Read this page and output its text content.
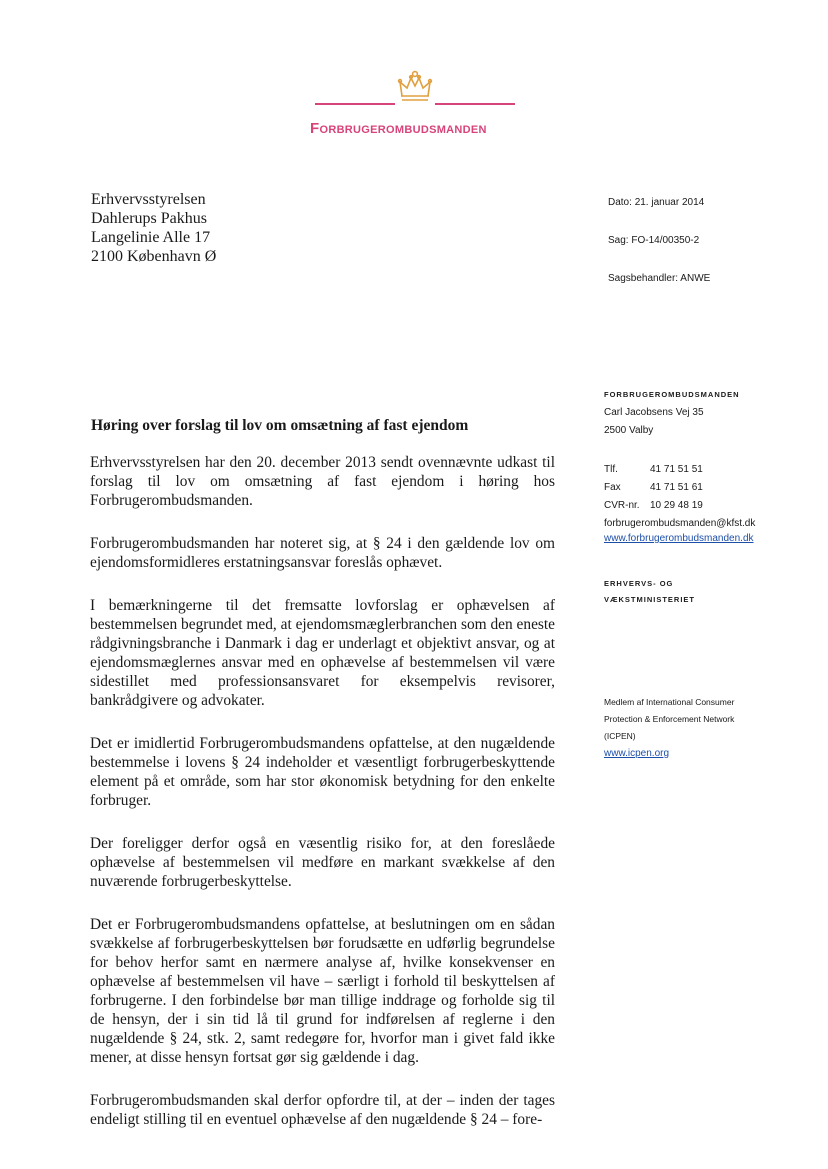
Forbrugerombudsmanden
Erhvervsstyrelsen
Dahlerups Pakhus
Langelinie Alle 17
2100 København Ø
Dato: 21. januar 2014
Sag: FO-14/00350-2
Sagsbehandler: ANWE
FORBRUGEROMBUDSMANDEN
Carl Jacobsens Vej 35
2500 Valby
Tlf.	41 71 51 51
Fax	41 71 51 61
CVR-nr. 10 29 48 19
forbrugerombudsmanden@kfst.dk
www.forbrugerombudsmanden.dk
ERHVERVS- OG
VÆKSTMINISTERIET
Medlem af International Consumer
Protection & Enforcement Network
(ICPEN)
www.icpen.org
Høring over forslag til lov om omsætning af fast ejendom

Erhvervsstyrelsen har den 20. december 2013 sendt ovennævnte udkast til forslag til lov om omsætning af fast ejendom i høring hos Forbrugerombudsmanden.

Forbrugerombudsmanden har noteret sig, at § 24 i den gældende lov om ejendomsformidleres erstatningsansvar foreslås ophævet.

I bemærkningerne til det fremsatte lovforslag er ophævelsen af bestemmelsen begrundet med, at ejendomsmæglerbranchen som den eneste rådgivningsbranche i Danmark i dag er underlagt et objektivt ansvar, og at ejendomsmæglernes ansvar med en ophævelse af bestemmelsen vil være sidestillet med professionsansvaret for eksempelvis revisorer, bankrådgivere og advokater.

Det er imidlertid Forbrugerombudsmandens opfattelse, at den nugældende bestemmelse i lovens § 24 indeholder et væsentligt forbrugerbeskyttende element på et område, som har stor økonomisk betydning for den enkelte forbruger.

Der foreligger derfor også en væsentlig risiko for, at den foreslåede ophævelse af bestemmelsen vil medføre en markant svækkelse af den nuværende forbrugerbeskyttelse.

Det er Forbrugerombudsmandens opfattelse, at beslutningen om en sådan svækkelse af forbrugerbeskyttelsen bør forudsætte en udførlig begrundelse for behov herfor samt en nærmere analyse af, hvilke konsekvenser en ophævelse af bestemmelsen vil have – særligt i forhold til beskyttelsen af forbrugerne. I den forbindelse bør man tillige inddrage og forholde sig til de hensyn, der i sin tid lå til grund for indførelsen af reglerne i den nugældende § 24, stk. 2, samt redegøre for, hvorfor man i givet fald ikke mener, at disse hensyn fortsat gør sig gældende i dag.

Forbrugerombudsmanden skal derfor opfordre til, at der – inden der tages endeligt stilling til en eventuel ophævelse af den nugældende § 24 – fore-
